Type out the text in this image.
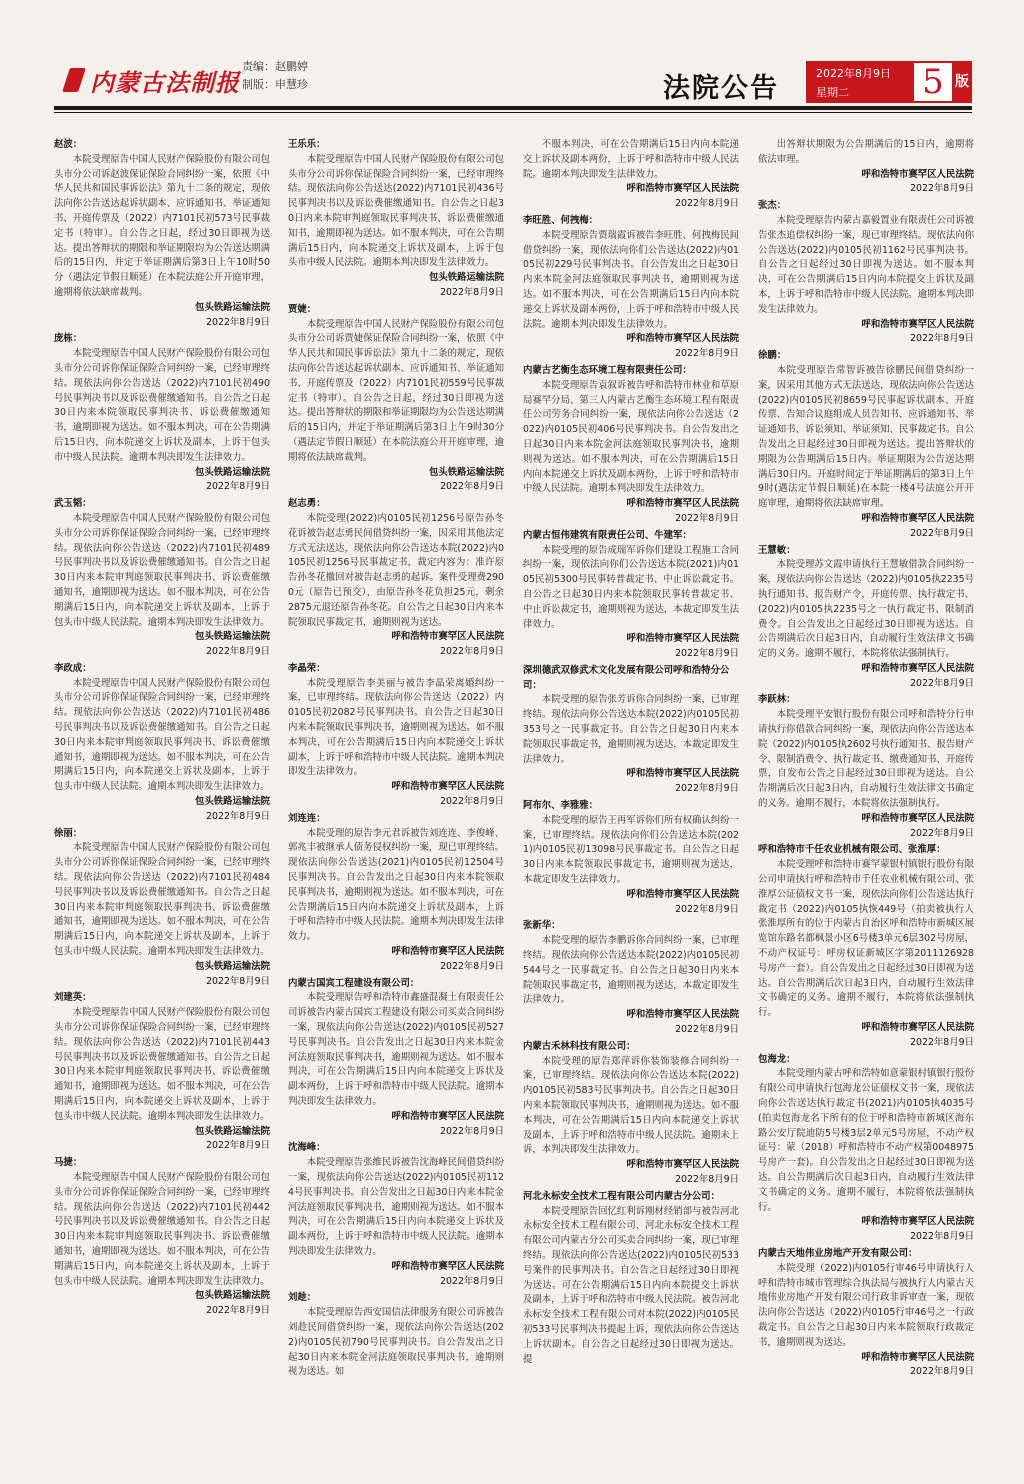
内蒙古法制报
责编：赵鹏婷
制版：申慧珍	法院公告	2022年8月9日
星期二	5 版
赵波：
本院受理原告中国人民财产保险股份有限公司包头市分公司诉赵波保证保险合同纠纷一案，依照《中华人民共和国民事诉讼法》第九十二条的规定，现依法向你公告送达起诉状副本、应诉通知书、举证通知书、开庭传票及（2022）内7101民初573号民事裁定书（特审）。自公告之日起，经过30日即视为送达。提出答辩状的期限和举证期限均为公告送达期满后的15日内，并定于举证期满后第3日上午10时50分（遇法定节假日顺延）在本院法庭公开开庭审理，逾期将依法缺席裁判。
包头铁路运输法院
2022年8月9日
庞栋：
本院受理原告中国人民财产保险股份有限公司包头市分公司诉你保证保险合同纠纷一案，已经审理终结。现依法向你公告送达（2022)内7101民初490号民事判决书以及诉讼费催缴通知书。自公告之日起30日内来本院领取民事判决书、诉讼费催缴通知书，逾期即视为送达。如不服本判决，可在公告期满后15日内，向本院递交上诉状及副本，上诉于包头市中级人民法院。逾期本判决即发生法律效力。
包头铁路运输法院
2022年8月9日
武玉韬：
本院受理原告中国人民财产保险股份有限公司包头市分公司诉你保证保险合同纠纷一案，已经审理终结。现依法向你公告送达（2022)内7101民初489号民事判决书以及诉讼费催缴通知书。自公告之日起30日内来本院审判庭领取民事判决书、诉讼费催缴通知书，逾期即视为送达。如不服本判决，可在公告期满后15日内，向本院递交上诉状及副本，上诉于包头市中级人民法院。逾期本判决即发生法律效力。
包头铁路运输法院
2022年8月9日
李政成：
本院受理原告中国人民财产保险股份有限公司包头市分公司诉你保证保险合同纠纷一案，已经审理终结。现依法向你公告送达（2022)内7101民初486号民事判决书以及诉讼费催缴通知书。自公告之日起30日内来本院审判庭领取民事判决书、诉讼费催缴通知书，逾期即视为送达。如不服本判决，可在公告期满后15日内，向本院递交上诉状及副本，上诉于包头市中级人民法院。逾期本判决即发生法律效力。
包头铁路运输法院
2022年8月9日
徐丽：
本院受理原告中国人民财产保险股份有限公司包头市分公司诉你保证保险合同纠纷一案，已经审理终结。现依法向你公告送达（2022)内7101民初484号民事判决书以及诉讼费催缴通知书。自公告之日起30日内来本院审判庭领取民事判决书、诉讼费催缴通知书，逾期即视为送达。如不服本判决，可在公告期满后15日内，向本院递交上诉状及副本，上诉于包头市中级人民法院。逾期本判决即发生法律效力。
包头铁路运输法院
2022年8月9日
刘建英：
本院受理原告中国人民财产保险股份有限公司包头市分公司诉你保证保险合同纠纷一案，已经审理终结。现依法向你公告送达（2022)内7101民初443号民事判决书以及诉讼费催缴通知书。自公告之日起30日内来本院审判庭领取民事判决书、诉讼费催缴通知书，逾期即视为送达。如不服本判决，可在公告期满后15日内，向本院递交上诉状及副本，上诉于包头市中级人民法院。逾期本判决即发生法律效力。
包头铁路运输法院
2022年8月9日
马捷：
本院受理原告中国人民财产保险股份有限公司包头市分公司诉你保证保险合同纠纷一案，已经审理终结。现依法向你公告送达（2022)内7101民初442号民事判决书以及诉讼费催缴通知书。自公告之日起30日内来本院审判庭领取民事判决书、诉讼费催缴通知书，逾期即视为送达。如不服本判决，可在公告期满后15日内，向本院递交上诉状及副本，上诉于包头市中级人民法院。逾期本判决即发生法律效力。
包头铁路运输法院
2022年8月9日
王乐乐：
本院受理原告中国人民财产保险股份有限公司包头市分公司诉你保证保险合同纠纷一案，已经审理终结。现依法向你公告送达(2022)内7101民初436号民事判决书以及诉讼费催缴通知书。自公告之日起30日内来本院审判庭领取民事判决书、诉讼费催缴通知书，逾期即视为送达。如不服本判决，可在公告期满后15日内，向本院递交上诉状及副本，上诉于包头市中级人民法院。逾期本判决即发生法律效力。
包头铁路运输法院
2022年8月9日
贾婕：
本院受理原告中国人民财产保险股份有限公司包头市分公司诉贾婕保证保险合同纠纷一案，依照《中华人民共和国民事诉讼法》第九十二条的规定，现依法向你公告送达起诉状副本、应诉通知书、举证通知书、开庭传票及（2022）内7101民初559号民事裁定书（特审）。自公告之日起，经过30日即视为送达。提出答辩状的期限和举证期限均为公告送达期满后的15日内，并定于举证期满后第3日上午9时30分（遇法定节假日顺延）在本院法庭公开开庭审理，逾期将依法缺席裁判。
包头铁路运输法院
2022年8月9日
赵志勇：
本院受理(2022)内0105民初1256号原告孙冬花诉被告赵志勇民间借贷纠纷一案，因采用其他法定方式无法送达，现依法向你公告送达本院(2022)内0105民初1256号民事裁定书，裁定内容为：准许原告孙冬花撤回对被告赵志勇的起诉。案件受理费2900元（原告已预交），由原告孙冬花负担25元，剩余2875元退还原告孙冬花。自公告之日起30日内来本院领取民事裁定书，逾期则视为送达。
呼和浩特市赛罕区人民法院
2022年8月9日
李晶荣：
本院受理原告李美丽与被告李晶荣离婚纠纷一案，已审理终结。现依法向你公告送达（2022）内0105民初2082号民事判决书。自公告之日起30日内来本院领取民事判决书，逾期则视为送达。如不服本判决，可在公告期满后15日内向本院递交上诉状副本，上诉于呼和浩特市中级人民法院。逾期本判决即发生法律效力。
呼和浩特市赛罕区人民法院
2022年8月9日
刘连连：
本院受理的原告李元君诉被告刘连连、李俊峰、郭兆丰被继承人债务侵权纠纷一案，现已审理终结。现依法向你公告送达(2021)内0105民初12504号民事判决书。自公告发出之日起30日内来本院领取民事判决书，逾期则视为送达。如不服本判决，可在公告期满后15日内向本院递交上诉状及副本，上诉于呼和浩特市中级人民法院。逾期本判决即发生法律效力。
呼和浩特市赛罕区人民法院
2022年8月9日
内蒙古国宾工程建设有限公司：
本院受理原告呼和浩特市鑫盛混凝土有限责任公司诉被告内蒙古国宾工程建设有限公司买卖合同纠纷一案，现依法向你公告送达(2022)内0105民初527号民事判决书。自公告发出之日起30日内来本院金河法庭领取民事判决书，逾期则视为送达。如不服本判决，可在公告期满后15日内向本院递交上诉状及副本两份，上诉于呼和浩特市中级人民法院。逾期本判决即发生法律效力。
呼和浩特市赛罕区人民法院
2022年8月9日
沈海峰：
本院受理原告张维民诉被告沈海峰民间借贷纠纷一案，现依法向你公告送达(2022)内0105民初1124号民事判决书。自公告发出之日起30日内来本院金河法庭领取民事判决书，逾期则视为送达。如不服本判决，可在公告期满后15日内向本院递交上诉状及副本两份，上诉于呼和浩特市中级人民法院。逾期本判决即发生法律效力。
呼和浩特市赛罕区人民法院
2022年8月9日
刘趁：
本院受理原告西安国信法律服务有限公司诉被告刘趁民间借贷纠纷一案，现依法向你公告送达(2022)内0105民初790号民事判决书。自公告发出之日起30日内来本院金河法庭领取民事判决书，逾期则视为送达。如
不服本判决，可在公告期满后15日内向本院递交上诉状及副本两份，上诉于呼和浩特市中级人民法院。逾期本判决即发生法律效力。
呼和浩特市赛罕区人民法院
2022年8月9日
李旺胜、何拽梅：
本院受理原告贾瑞霞诉被告李旺胜、何拽梅民间借贷纠纷一案，现依法向你们公告送达(2022)内0105民初229号民事判决书。自公告发出之日起30日内来本院金河法庭领取民事判决书，逾期则视为送达。如不服本判决，可在公告期满后15日内向本院递交上诉状及副本两份，上诉于呼和浩特市中级人民法院。逾期本判决即发生法律效力。
呼和浩特市赛罕区人民法院
2022年8月9日
内蒙古艺衡生态环境工程有限责任公司：
本院受理原告袁叙诉被告呼和浩特市林业和草原局赛罕分局、第三人内蒙古艺衡生态环境工程有限责任公司劳务合同纠纷一案，现依法向你公告送达（2022)内0105民初406号民事判决书。自公告发出之日起30日内来本院金河法庭领取民事判决书，逾期则视为送达。如不服本判决，可在公告期满后15日内向本院递交上诉状及副本两份，上诉于呼和浩特市中级人民法院。逾期本判决即发生法律效力。
呼和浩特市赛罕区人民法院
2022年8月9日
内蒙古恒伟建筑有限责任公司、牛建军：
本院受理的原告成瑞军诉你们建设工程施工合同纠纷一案，现依法向你们公告送达本院(2021)内0105民初5300号民事转普裁定书、中止诉讼裁定书。自公告之日起30日内来本院领取民事转普裁定书、中止诉讼裁定书，逾期则视为送达，本裁定即发生法律效力。
呼和浩特市赛罕区人民法院
2022年8月9日
深圳德武双修武术文化发展有限公司呼和浩特分公司：
本院受理的原告张芳诉你合同纠纷一案，已审理终结。现依法向你公告送达本院(2022)内0105民初353号之一民事裁定书。自公告之日起30日内来本院领取民事裁定书，逾期则视为送达，本裁定即发生法律效力。
呼和浩特市赛罕区人民法院
2022年8月9日
阿布尔、李雅雅：
本院受理的原告王再军诉你们所有权确认纠纷一案，已审理终结。现依法向你们公告送达本院(2021)内0105民初13098号民事裁定书。自公告之日起30日内来本院领取民事裁定书，逾期则视为送达，本裁定即发生法律效力。
呼和浩特市赛罕区人民法院
2022年8月9日
张新华：
本院受理的原告李鹏诉你合同纠纷一案，已审理终结。现依法向你公告送达本院(2022)内0105民初544号之一民事裁定书。自公告之日起30日内来本院领取民事裁定书，逾期则视为送达，本裁定即发生法律效力。
呼和浩特市赛罕区人民法院
2022年8月9日
内蒙古禾林科技有限公司：
本院受理的原告郑萍诉你装饰装修合同纠纷一案，已审理终结。现依法向你公告送达本院(2022)内0105民初583号民事判决书。自公告之日起30日内来本院领取民事判决书，逾期则视为送达。如不服本判决，可在公告期满后15日内向本院递交上诉状及副本，上诉于呼和浩特市中级人民法院。逾期未上诉，本判决即发生法律效力。
呼和浩特市赛罕区人民法院
2022年8月9日
河北永标安全技术工程有限公司内蒙古分公司：
本院受理原告回忆红利诉刚材经销部与被告河北永标安全技术工程有限公司、河北永标安全技术工程有限公司内蒙古分公司买卖合同纠纷一案，现已审理终结。现依法向你公告送达(2022)内0105民初533号案件的民事判决书。自公告之日起经过30日即视为送达。可在公告期满后15日内向本院提交上诉状及副本，上诉于呼和浩特市中级人民法院。被告河北永标安全技术工程有限公司对本院(2022)内0105民初533号民事判决书提起上诉，现依法向你公告送达上诉状副本。自公告之日起经过30日即视为送达。提
出答辩状期限为公告期满后的15日内，逾期将依法审理。
呼和浩特市赛罕区人民法院
2022年8月9日
张杰：
本院受理原告内蒙古嘉毅置业有限责任公司诉被告张杰追偿权纠纷一案，现已审理终结。现依法向你公告送达(2022)内0105民初1162号民事判决书。自公告之日起经过30日即视为送达。如不服本判决，可在公告期满后15日内向本院提交上诉状及副本，上诉于呼和浩特市中级人民法院。逾期本判决即发生法律效力。
呼和浩特市赛罕区人民法院
2022年8月9日
徐鹏：
本院受理原告常智诉被告徐鹏民间借贷纠纷一案，因采用其他方式无法送达，现依法向你公告送达(2022)内0105民初8659号民事起诉状副本、开庭传票、告知合议庭组成人员告知书、应诉通知书、举证通知书、诉讼须知、举证须知、民事裁定书。自公告发出之日起经过30日即视为送达。提出答辩状的期限为公告期满后15日内。举证期限为公告送达期满后30日内。开庭时间定于举证期满后的第3日上午9时(遇法定节假日顺延)在本院一楼4号法庭公开开庭审理，逾期将依法缺席审理。
呼和浩特市赛罕区人民法院
2022年8月9日
王慧敏：
本院受理苏文霞申请执行王慧敏借款合同纠纷一案，现依法向你公告送达（2022)内0105执2235号执行通知书、报告财产令、开庭传票、执行裁定书、(2022)内0105执2235号之一执行裁定书、限制消费令。自公告发出之日起经过30日即视为送达。自公告期满后次日起3日内，自动履行生效法律文书确定的义务。逾期不履行，本院将依法强制执行。
呼和浩特市赛罕区人民法院
2022年8月9日
李跃林：
本院受理平安银行股份有限公司呼和浩特分行申请执行你借款合同纠纷一案，现依法向你公告送达本院（2022)内0105执2602号执行通知书、报告财产令、限制消费令、执行裁定书、缴费通知书、开庭传票，自发布公告之日起经过30日即视为送达。自公告期满后次日起3日内，自动履行生效法律文书确定的义务。逾期不履行，本院将依法强制执行。
呼和浩特市赛罕区人民法院
2022年8月9日
呼和浩特市千任农业机械有限公司、张淮厚：
本院受理呼和浩特市赛罕蒙银村镇银行股份有限公司申请执行呼和浩特市千任农业机械有限公司、张淮厚公证债权文书一案，现依法向你们公告送达执行裁定书（2022)内0105执恢449号（拍卖被执行人张淮厚所有的位于内蒙古自治区呼和浩特市新城区展览馆东路名都枫景小区6号楼3单元6层302号房屋，不动产权证号：呼房权证新城区字第2011126928号房产一套）。自公告发出之日起经过30日即视为送达。自公告期满后次日起3日内，自动履行生效法律文书确定的义务。逾期不履行，本院将依法强制执行。
呼和浩特市赛罕区人民法院
2022年8月9日
包海龙：
本院受理内蒙古呼和浩特如意蒙银村镇银行股份有限公司申请执行包海龙公证债权文书一案，现依法向你公告送达执行裁定书(2021)内0105执4035号(拍卖包海龙名下所有的位于呼和浩特市新城区海东路公安厅院迪防5号楼3层2单元5号房屋，不动产权证号：蒙（2018）呼和浩特市不动产权第0048975号房产一套)。自公告发出之日起经过30日即视为送达。自公告期满后次日起3日内，自动履行生效法律文书确定的义务。逾期不履行，本院将依法强制执行。
呼和浩特市赛罕区人民法院
2022年8月9日
内蒙古天地伟业房地产开发有限公司：
本院受理（2022)内0105行审46号申请执行人呼和浩特市城市管理综合执法局与被执行人内蒙古天地伟业房地产开发有限公司行政非诉审查一案，现依法向你公告送达（2022)内0105行审46号之一行政裁定书。自公告之日起30日内来本院领取行政裁定书，逾期则视为送达。
呼和浩特市赛罕区人民法院
2022年8月9日
